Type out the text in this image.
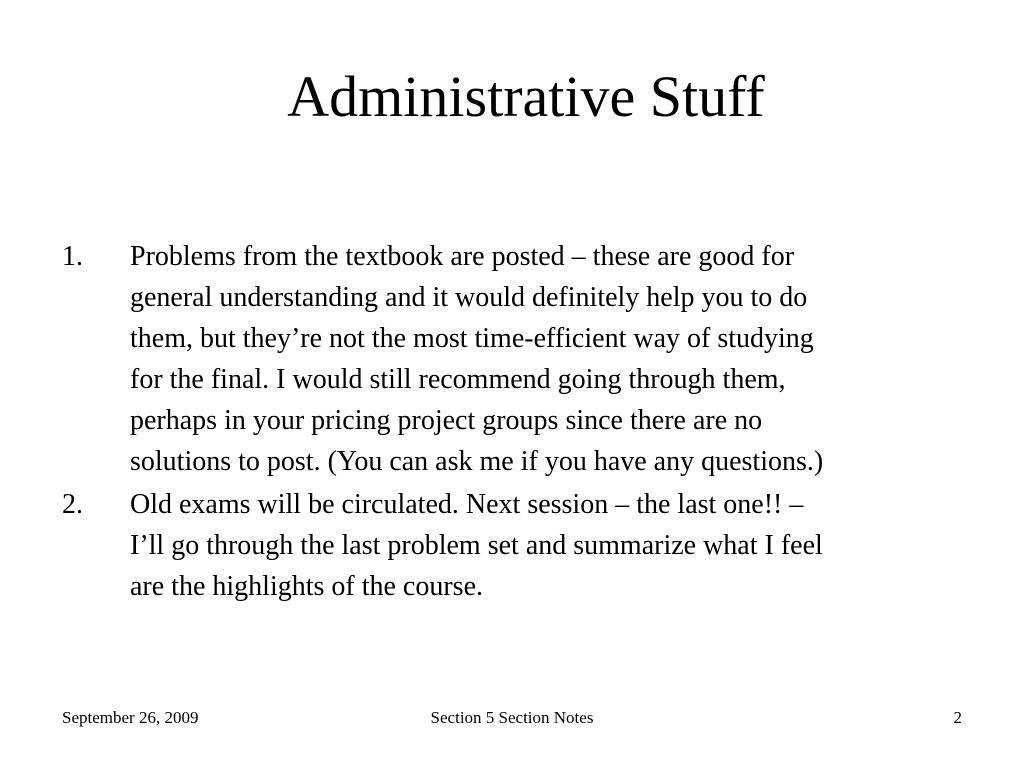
Administrative Stuff
1.	Problems from the textbook are posted – these are good for
general understanding and it would definitely help you to do
them, but they’re not the most time-efficient way of studying
for the final. I would still recommend going through them,
perhaps in your pricing project groups since there are no
solutions to post. (You can ask me if you have any questions.)
2.	Old exams will be circulated. Next session – the last one!! –
I’ll go through the last problem set and summarize what I feel
are the highlights of the course.
September 26, 2009	Section 5 Section Notes	2
